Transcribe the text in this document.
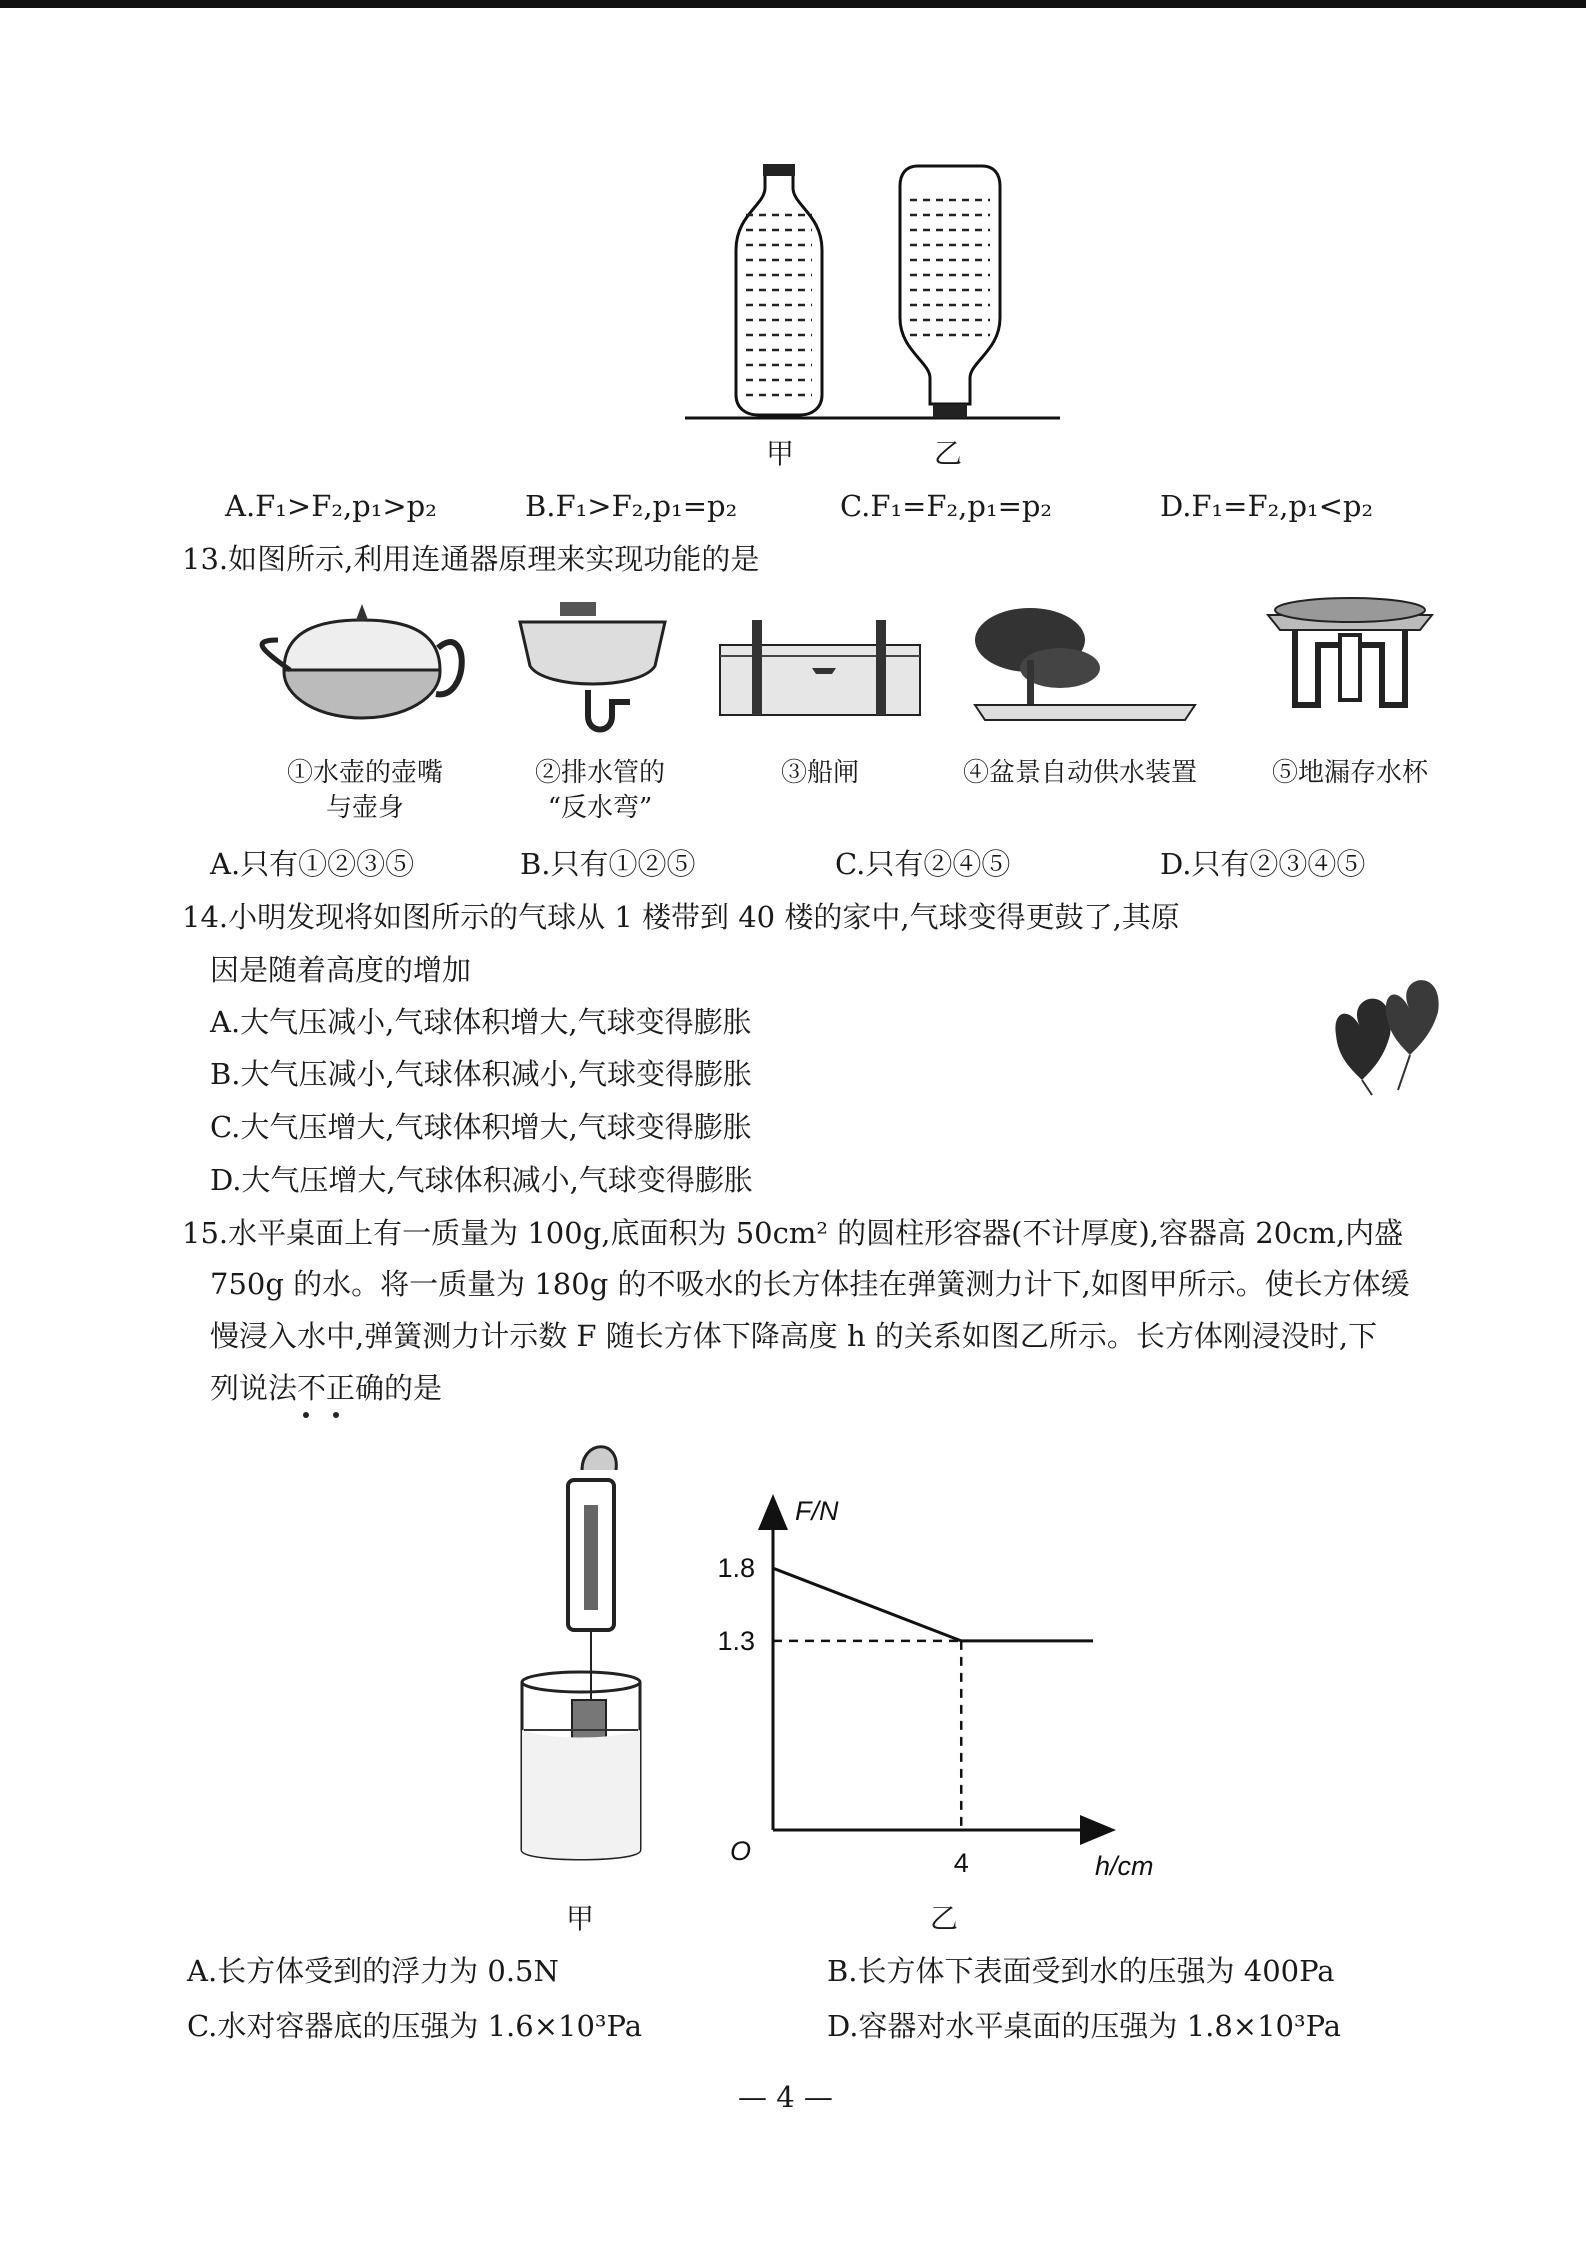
甲	乙
A.F₁>F₂,p₁>p₂	B.F₁>F₂,p₁=p₂	C.F₁=F₂,p₁=p₂	D.F₁=F₂,p₁<p₂
13.如图所示,利用连通器原理来实现功能的是
①水壶的壶嘴
与壶身
②排水管的
“反水弯”
③船闸	④盆景自动供水装置	⑤地漏存水杯
A.只有①②③⑤	B.只有①②⑤	C.只有②④⑤	D.只有②③④⑤
14.小明发现将如图所示的气球从 1 楼带到 40 楼的家中,气球变得更鼓了,其原
因是随着高度的增加
A.大气压减小,气球体积增大,气球变得膨胀
B.大气压减小,气球体积减小,气球变得膨胀
C.大气压增大,气球体积增大,气球变得膨胀
D.大气压增大,气球体积减小,气球变得膨胀
15.水平桌面上有一质量为 100g,底面积为 50cm² 的圆柱形容器(不计厚度),容器高 20cm,内盛
750g 的水。将一质量为 180g 的不吸水的长方体挂在弹簧测力计下,如图甲所示。使长方体缓
慢浸入水中,弹簧测力计示数 F 随长方体下降高度 h 的关系如图乙所示。长方体刚浸没时,下
列说法不正确的是
1.8
1.3
4
O
F/N
h/cm
甲	乙
A.长方体受到的浮力为 0.5N	B.长方体下表面受到水的压强为 400Pa
C.水对容器底的压强为 1.6×10³Pa	D.容器对水平桌面的压强为 1.8×10³Pa
— 4 —
